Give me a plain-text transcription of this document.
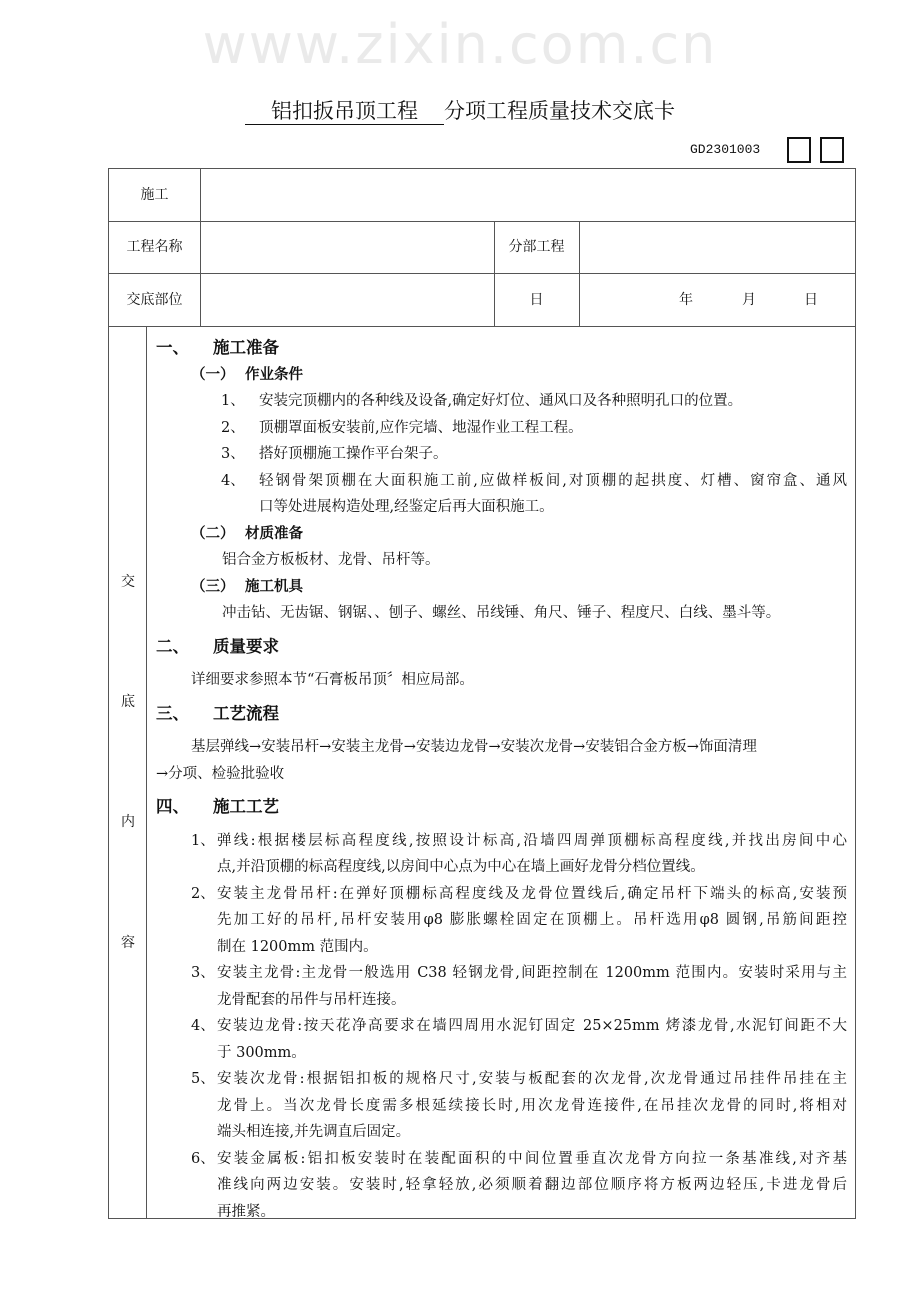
www.zixin.com.cn
铝扣扳吊顶工程 分项工程质量技术交底卡
GD2301003
施工
工程名称	分部工程
交底部位	日	年	月	日
交
底
内
容
一、 施工准备
（一） 作业条件
1、 安装完顶棚内的各种线及设备,确定好灯位、通风口及各种照明孔口的位置。
2、 顶棚罩面板安装前,应作完墙、地湿作业工程工程。
3、 搭好顶棚施工操作平台架子。
4、 轻钢骨架顶棚在大面积施工前,应做样板间,对顶棚的起拱度、灯槽、窗帘盒、通风
口等处进展构造处理,经鉴定后再大面积施工。
（二） 材质准备
铝合金方板板材、龙骨、吊杆等。
（三） 施工机具
冲击钻、无齿锯、钢锯、、刨子、螺丝、吊线锤、角尺、锤子、程度尺、白线、墨斗等。
二、 质量要求
详细要求参照本节“石膏板吊顶〞相应局部。
三、 工艺流程
基层弹线→安装吊杆→安装主龙骨→安装边龙骨→安装次龙骨→安装铝合金方板→饰面清理
→分项、检验批验收
四、 施工工艺
1、 弹线:根据楼层标高程度线,按照设计标高,沿墙四周弹顶棚标高程度线,并找出房间中心
点,并沿顶棚的标高程度线,以房间中心点为中心在墙上画好龙骨分档位置线。
2、 安装主龙骨吊杆:在弹好顶棚标高程度线及龙骨位置线后,确定吊杆下端头的标高,安装预
先加工好的吊杆,吊杆安装用φ8 膨胀螺栓固定在顶棚上。吊杆选用φ8 圆钢,吊筋间距控
制在 1200mm 范围内。
3、 安装主龙骨:主龙骨一般选用 C38 轻钢龙骨,间距控制在 1200mm 范围内。安装时采用与主
龙骨配套的吊件与吊杆连接。
4、 安装边龙骨:按天花净高要求在墙四周用水泥钉固定 25×25mm 烤漆龙骨,水泥钉间距不大
于 300mm。
5、 安装次龙骨:根据铝扣板的规格尺寸,安装与板配套的次龙骨,次龙骨通过吊挂件吊挂在主
龙骨上。当次龙骨长度需多根延续接长时,用次龙骨连接件,在吊挂次龙骨的同时,将相对
端头相连接,并先调直后固定。
6、 安装金属板:铝扣板安装时在装配面积的中间位置垂直次龙骨方向拉一条基准线,对齐基
准线向两边安装。安装时,轻拿轻放,必须顺着翻边部位顺序将方板两边轻压,卡进龙骨后
再推紧。
